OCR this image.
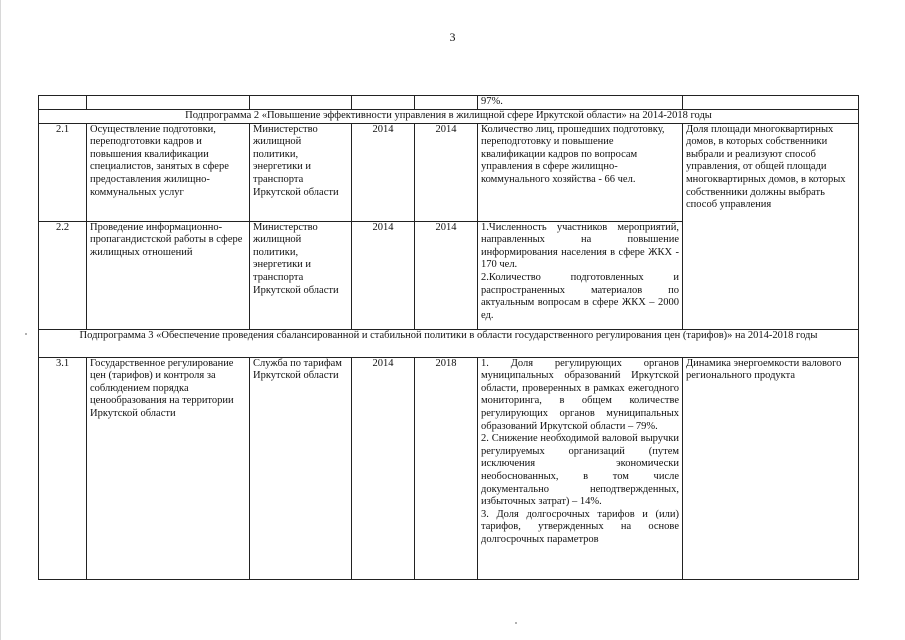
3
					97%.	
Подпрограмма 2 «Повышение эффективности управления в жилищной сфере Иркутской области» на 2014-2018 годы						
2.1	Осуществление подготовки, переподготовки кадров и повышения квалификации специалистов, занятых в сфере предоставления жилищно-коммунальных услуг	Министерство жилищной политики, энергетики и транспорта Иркутской области	2014	2014	Количество лиц, прошедших подготовку, переподготовку и повышение квалификации кадров по вопросам управления в сфере жилищно-коммунального хозяйства - 66 чел.	Доля площади многоквартирных домов, в которых собственники выбрали и реализуют способ управления, от общей площади многоквартирных домов, в которых собственники должны выбрать способ управления
2.2	Проведение информационно-пропагандистской работы в сфере жилищных отношений	Министерство жилищной политики, энергетики и транспорта Иркутской области	2014	2014	1.Численность участников мероприятий, направленных на повышение информирования населения в сфере ЖКХ - 170 чел.
2.Количество подготовленных и распространенных материалов по актуальным вопросам в сфере ЖКХ – 2000 ед.	

Подпрограмма 3 «Обеспечение проведения сбалансированной и стабильной политики в области государственного регулирования цен (тарифов)» на 2014-2018 годы						
3.1	Государственное регулирование цен (тарифов) и контроля за соблюдением порядка ценообразования на территории Иркутской области	Служба по тарифам Иркутской области	2014	2018	1. Доля регулирующих органов муниципальных образований Иркутской области, проверенных в рамках ежегодного мониторинга, в общем количестве регулирующих органов муниципальных образований Иркутской области – 79%.
2. Снижение необходимой валовой выручки регулируемых организаций (путем исключения экономически необоснованных, в том числе документально неподтвержденных, избыточных затрат) – 14%.
3. Доля долгосрочных тарифов и (или) тарифов, утвержденных на основе долгосрочных параметров	Динамика энергоемкости валового регионального продукта
